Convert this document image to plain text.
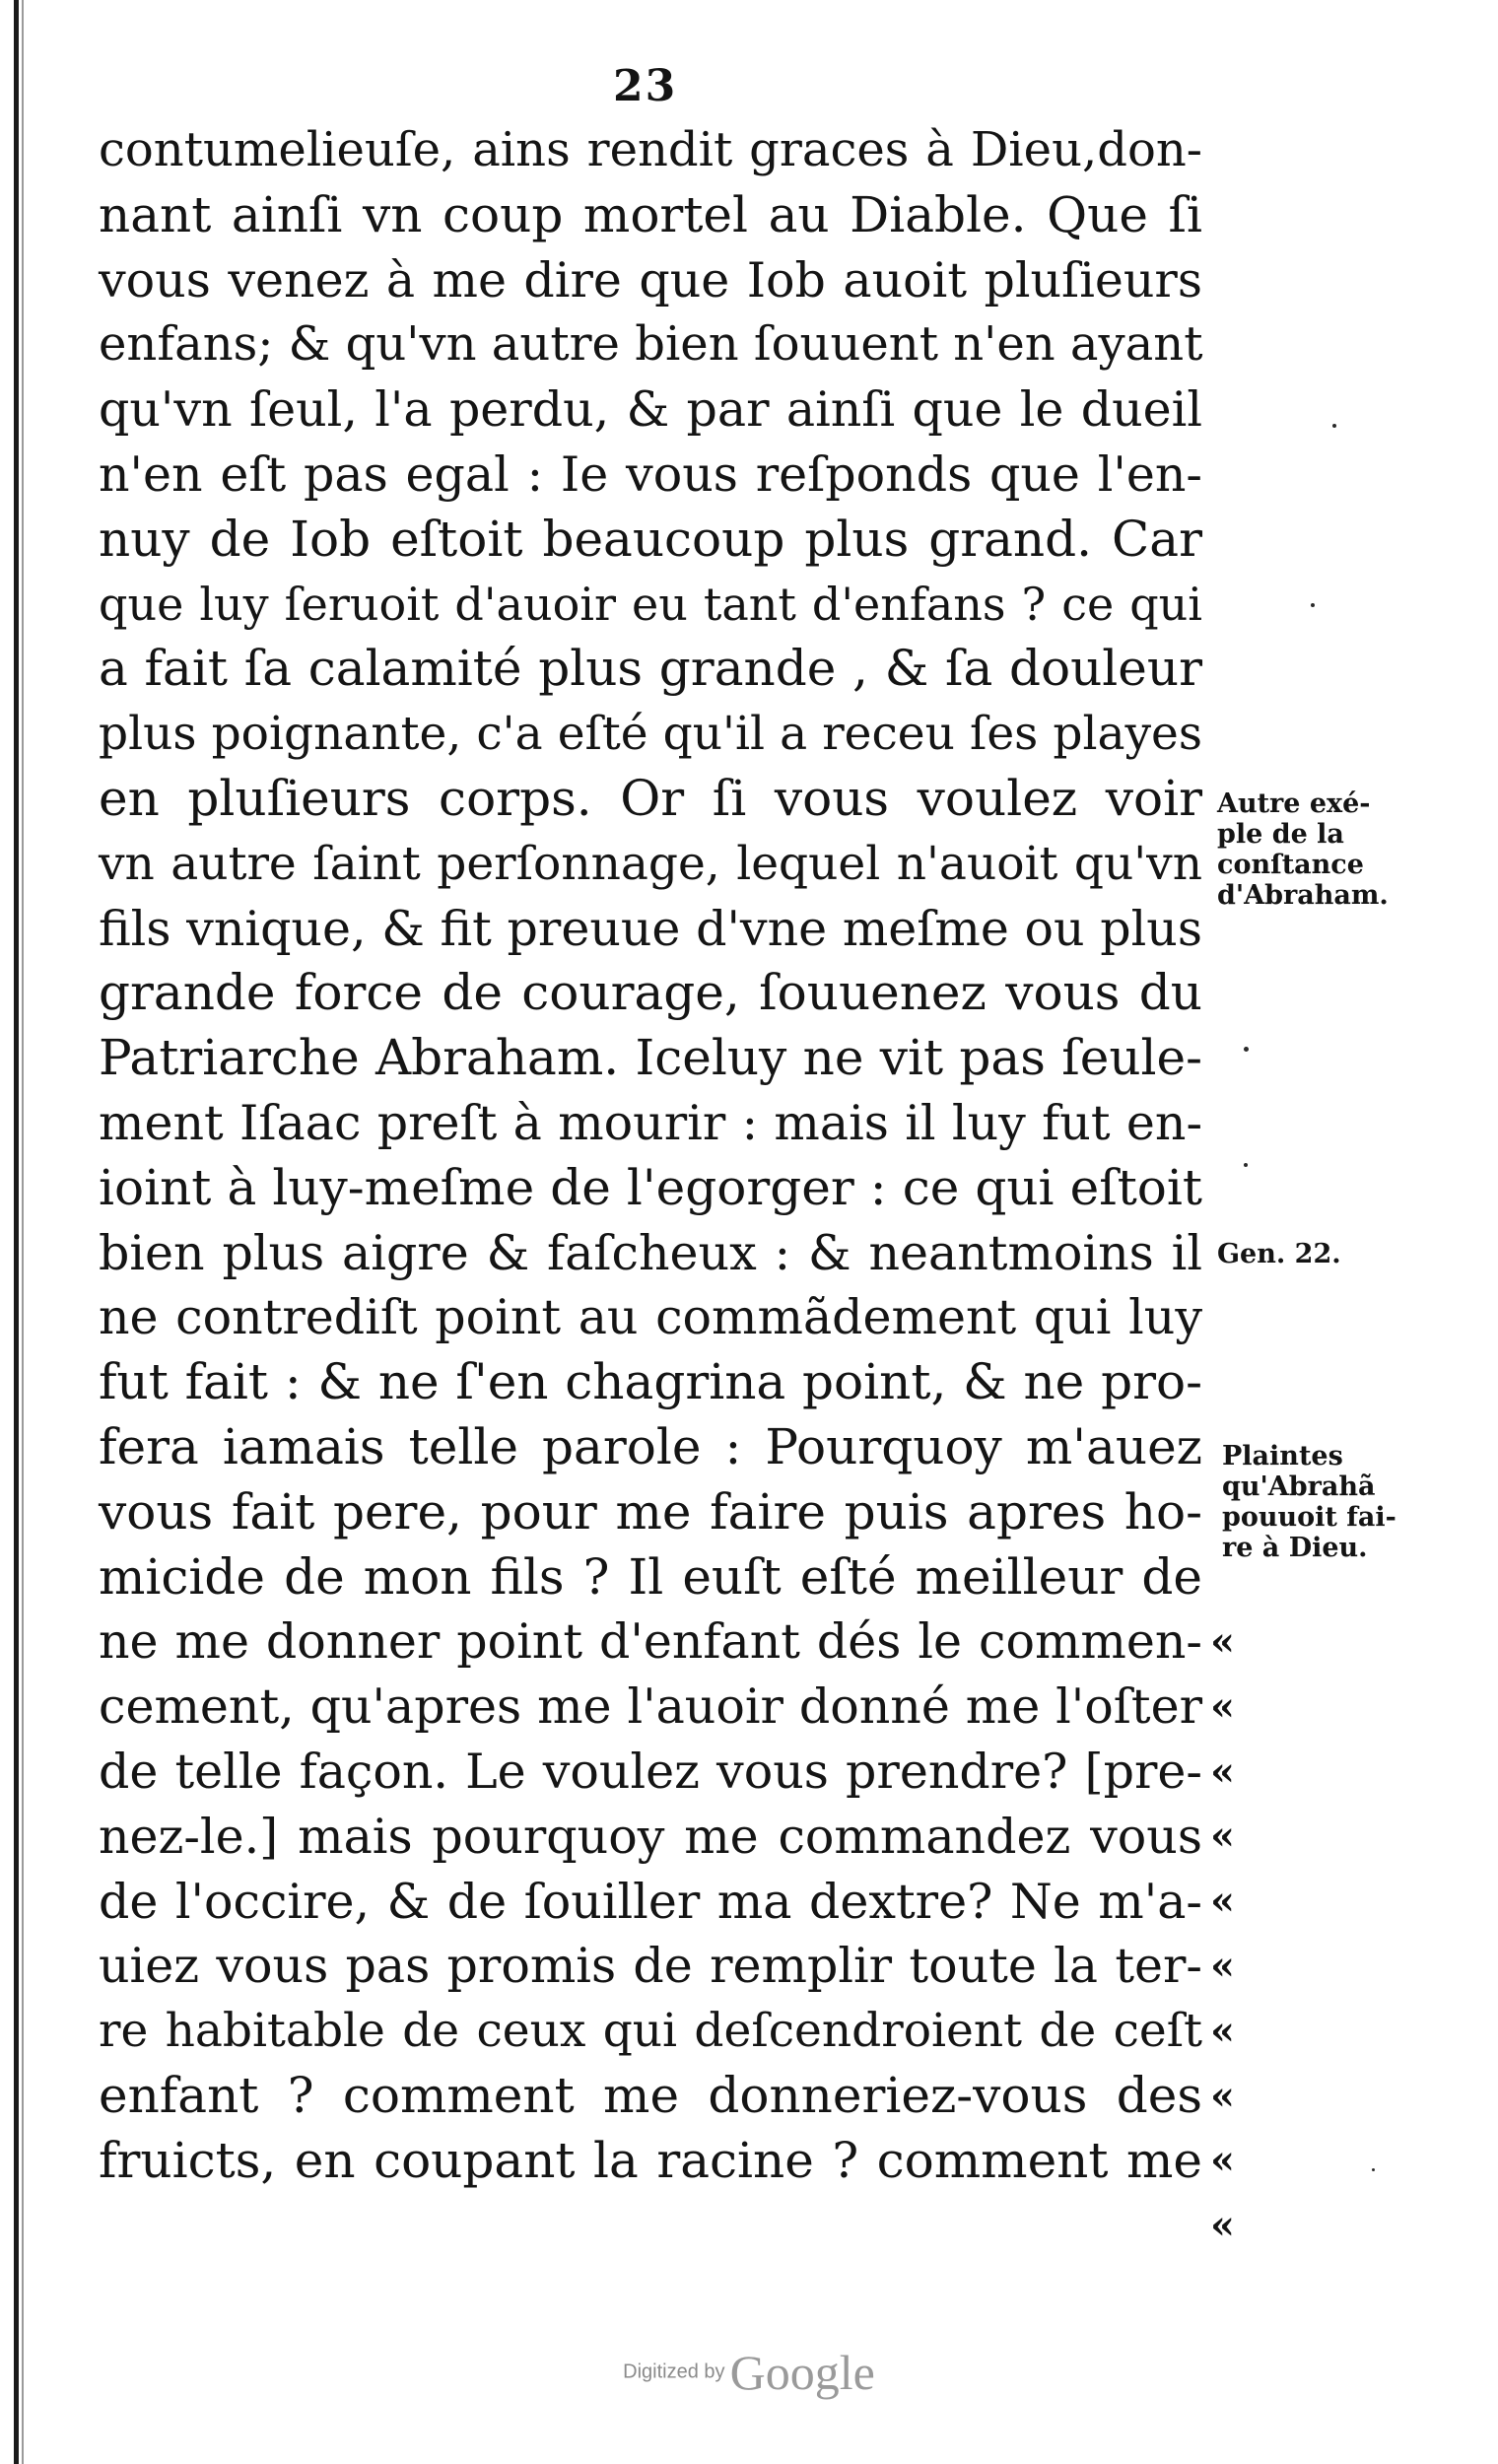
23
contumelieuſe, ains rendit graces à Dieu,don-
nant ainſi vn coup mortel au Diable. Que ſi
vous venez à me dire que Iob auoit pluſieurs
enfans; & qu'vn autre bien ſouuent n'en ayant
qu'vn ſeul, l'a perdu, & par ainſi que le dueil
n'en eſt pas egal : Ie vous reſponds que l'en-
nuy de Iob eſtoit beaucoup plus grand. Car
que luy ſeruoit d'auoir eu tant d'enfans ? ce qui
a fait ſa calamité plus grande , & ſa douleur
plus poignante, c'a eſté qu'il a receu ſes playes
en pluſieurs corps. Or ſi vous voulez voir
vn autre ſaint perſonnage, lequel n'auoit qu'vn
fils vnique, & fit preuue d'vne meſme ou plus
grande force de courage, ſouuenez vous du
Patriarche Abraham. Iceluy ne vit pas ſeule-
ment Iſaac preſt à mourir : mais il luy fut en-
ioint à luy-meſme de l'egorger : ce qui eſtoit
bien plus aigre & faſcheux : & neantmoins il
ne contrediſt point au commãdement qui luy
fut fait : & ne ſ'en chagrina point, & ne pro-
fera iamais telle parole : Pourquoy m'auez
vous fait pere, pour me faire puis apres ho-
micide de mon fils ? Il euſt eſté meilleur de
ne me donner point d'enfant dés le commen-
cement, qu'apres me l'auoir donné me l'oſter
de telle façon. Le voulez vous prendre? [pre-
nez-le.] mais pourquoy me commandez vous
de l'occire, & de ſouiller ma dextre? Ne m'a-
uiez vous pas promis de remplir toute la ter-
re habitable de ceux qui deſcendroient de ceſt
enfant ? comment me donneriez-vous des
fruicts, en coupant la racine ? comment me
«
«
«
«
«
«
«
«
«
«
Autre exé-
ple de la
conſtance
d'Abraham.
Gen. 22.
Plaintes
qu'Abrahã
pouuoit fai-
re à Dieu.
Digitized by Google
